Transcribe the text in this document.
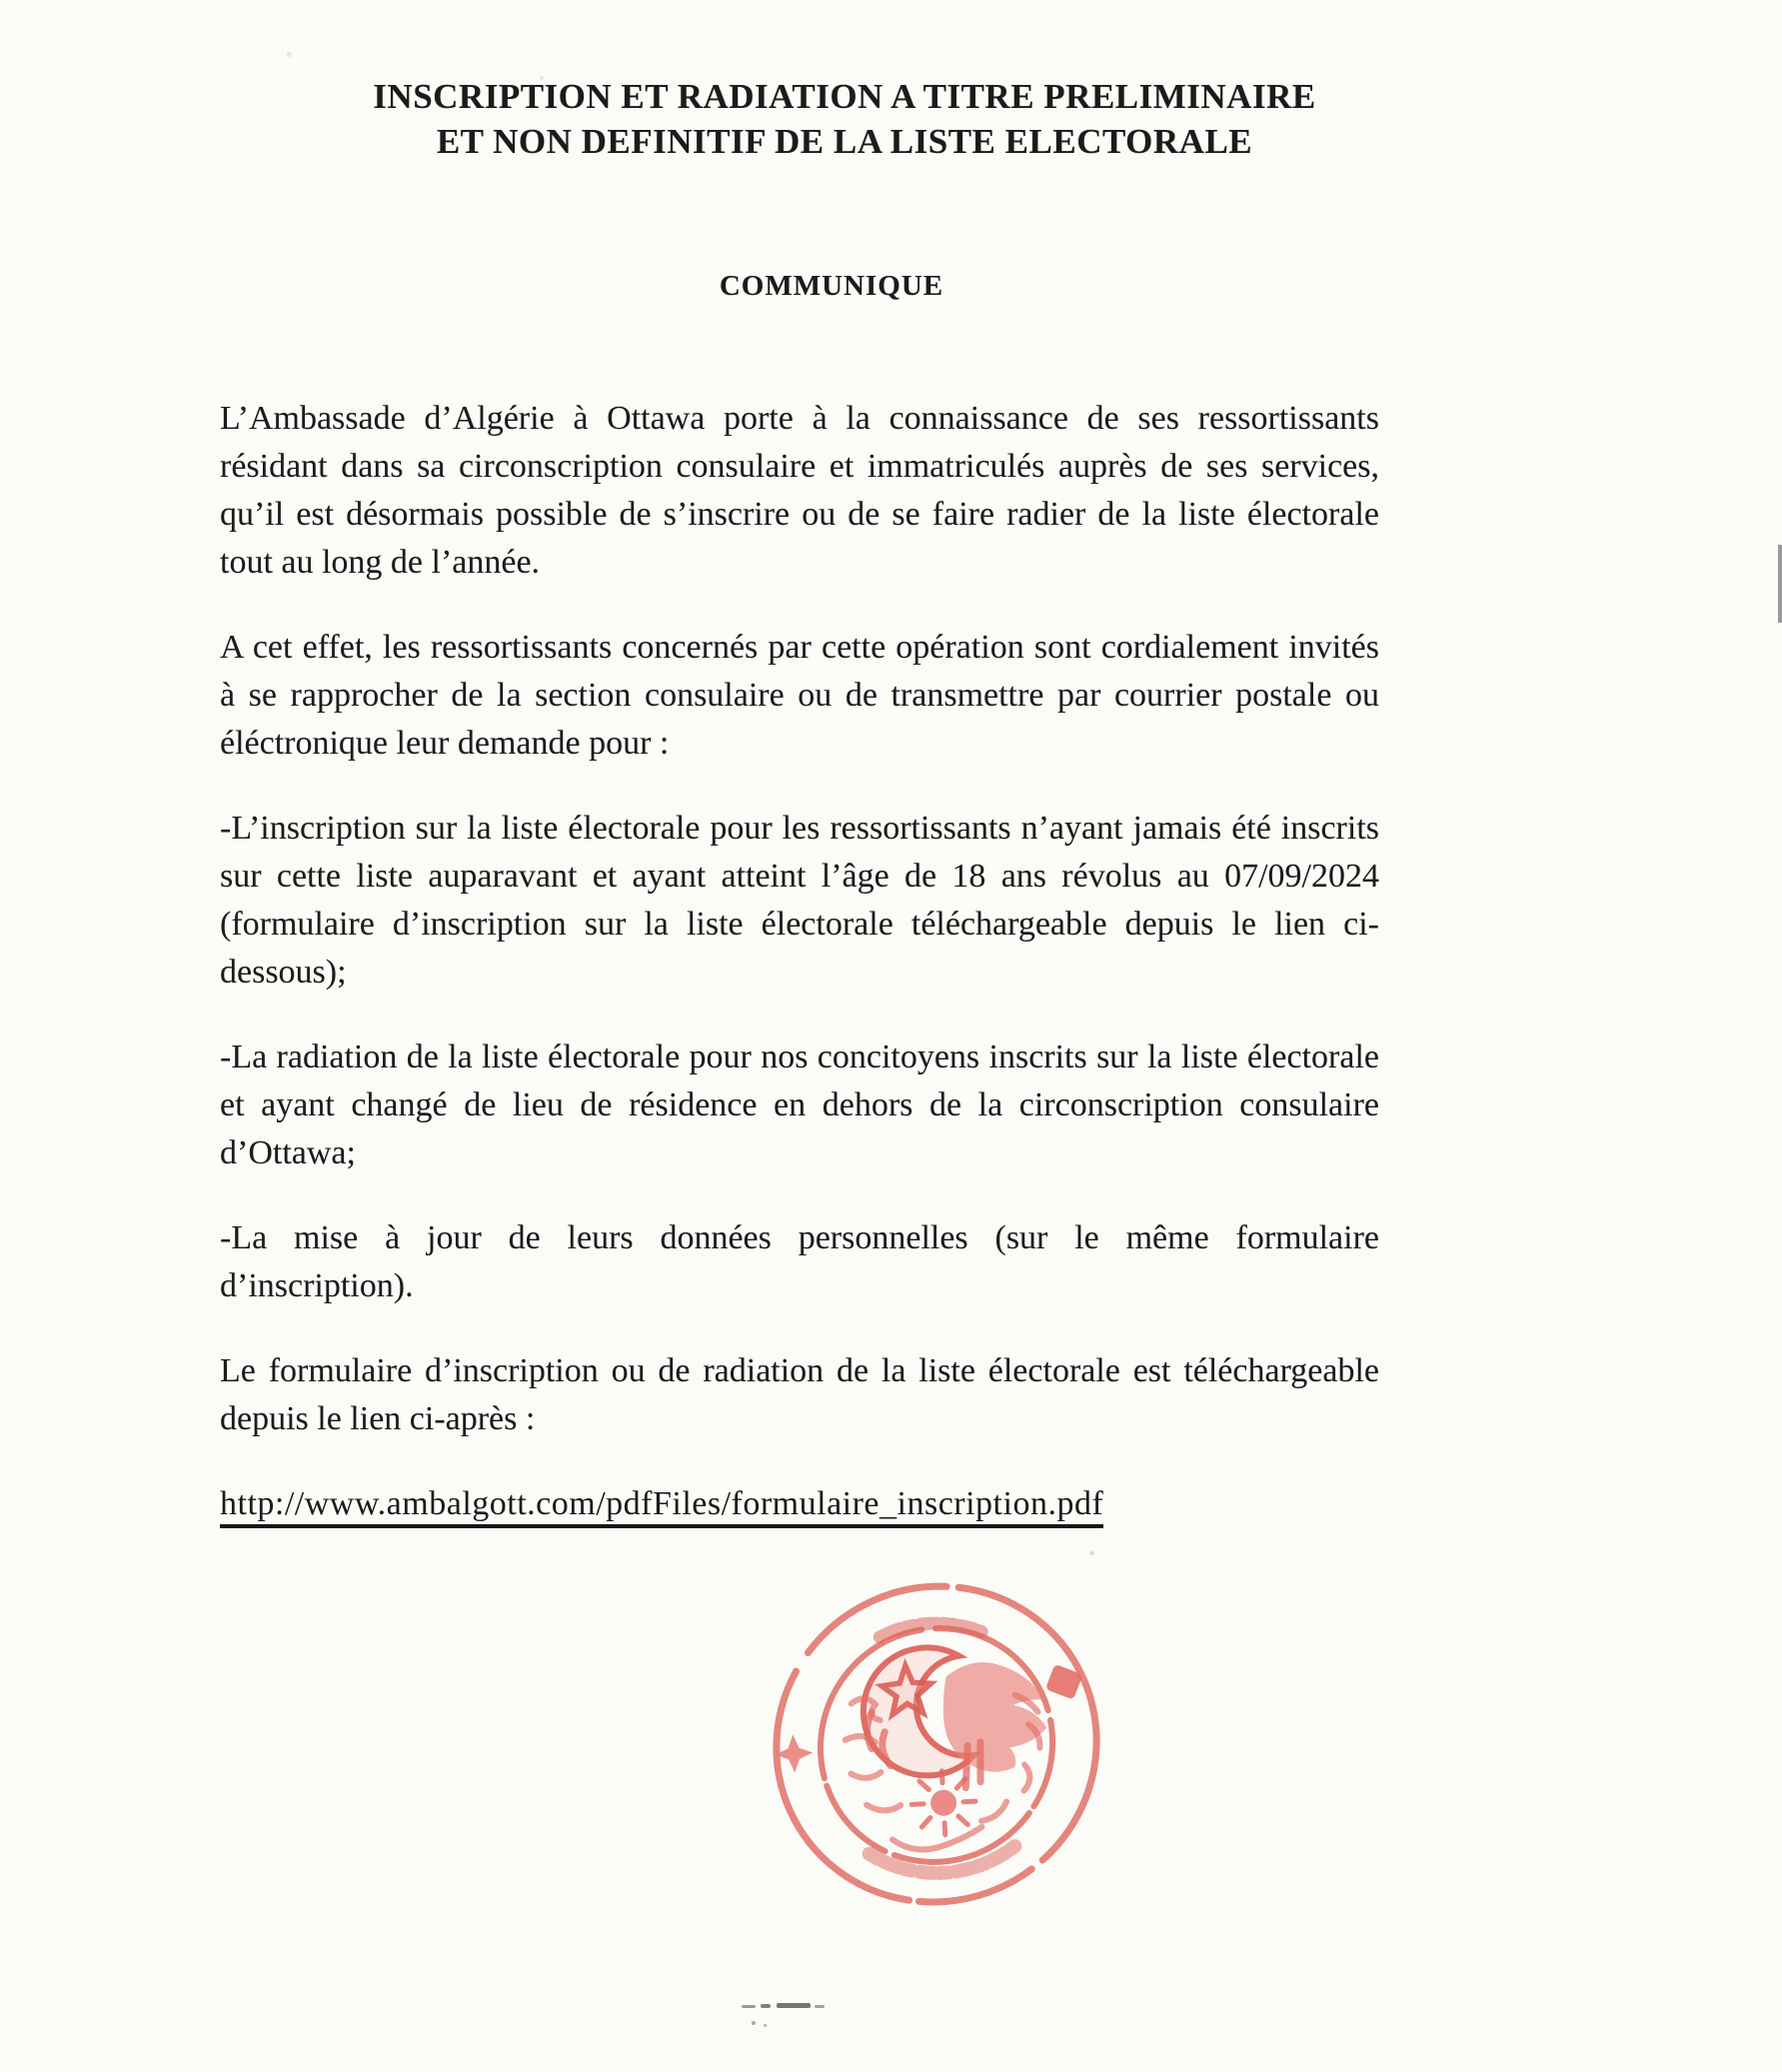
INSCRIPTION ET RADIATION A TITRE PRELIMINAIRE
ET NON DEFINITIF DE LA LISTE ELECTORALE
COMMUNIQUE

L’Ambassade d’Algérie à Ottawa porte à la connaissance de ses ressortissants résidant dans sa circonscription consulaire et immatriculés auprès de ses services, qu’il est désormais possible de s’inscrire ou de se faire radier de la liste électorale tout au long de l’année.

A cet effet, les ressortissants concernés par cette opération sont cordialement invités à se rapprocher de la section consulaire ou de transmettre par courrier postale ou éléctronique leur demande pour :

-L’inscription sur la liste électorale pour les ressortissants n’ayant jamais été inscrits sur cette liste auparavant et ayant atteint l’âge de 18 ans révolus au 07/09/2024 (formulaire d’inscription sur la liste électorale téléchargeable depuis le lien ci-dessous);

-La radiation de la liste électorale pour nos concitoyens inscrits sur la liste électorale et ayant changé de lieu de résidence en dehors de la circonscription consulaire d’Ottawa;

-La mise à jour de leurs données personnelles (sur le même formulaire d’inscription).

Le formulaire d’inscription ou de radiation de la liste électorale est téléchargeable depuis le lien ci-après :

http://www.ambalgott.com/pdfFiles/formulaire_inscription.pdf
